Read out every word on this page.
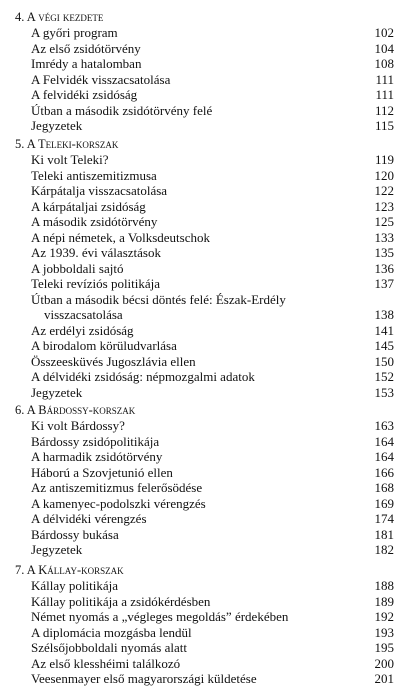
4. A végi kezdete
A győri program	102
Az első zsidótörvény	104
Imrédy a hatalomban	108
A Felvidék visszacsatolása	111
A felvidéki zsidóság	111
Útban a második zsidótörvény felé	112
Jegyzetek	115
5. A Teleki-korszak
Ki volt Teleki?	119
Teleki antiszemitizmusa	120
Kárpátalja visszacsatolása	122
A kárpátaljai zsidóság	123
A második zsidótörvény	125
A népi németek, a Volksdeutschok	133
Az 1939. évi választások	135
A jobboldali sajtó	136
Teleki revíziós politikája	137
Útban a második bécsi döntés felé: Észak-Erdély
visszacsatolása	138
Az erdélyi zsidóság	141
A birodalom körüludvarlása	145
Összeesküvés Jugoszlávia ellen	150
A délvidéki zsidóság: népmozgalmi adatok	152
Jegyzetek	153
6. A Bárdossy-korszak
Ki volt Bárdossy?	163
Bárdossy zsidópolitikája	164
A harmadik zsidótörvény	164
Háború a Szovjetunió ellen	166
Az antiszemitizmus felerősödése	168
A kamenyec-podolszki vérengzés	169
A délvidéki vérengzés	174
Bárdossy bukása	181
Jegyzetek	182
7. A Kállay-korszak
Kállay politikája	188
Kállay politikája a zsidókérdésben	189
Német nyomás a „végleges megoldás” érdekében	192
A diplomácia mozgásba lendül	193
Szélsőjobboldali nyomás alatt	195
Az első klesshéimi találkozó	200
Veesenmayer első magyarországi küldetése	201
